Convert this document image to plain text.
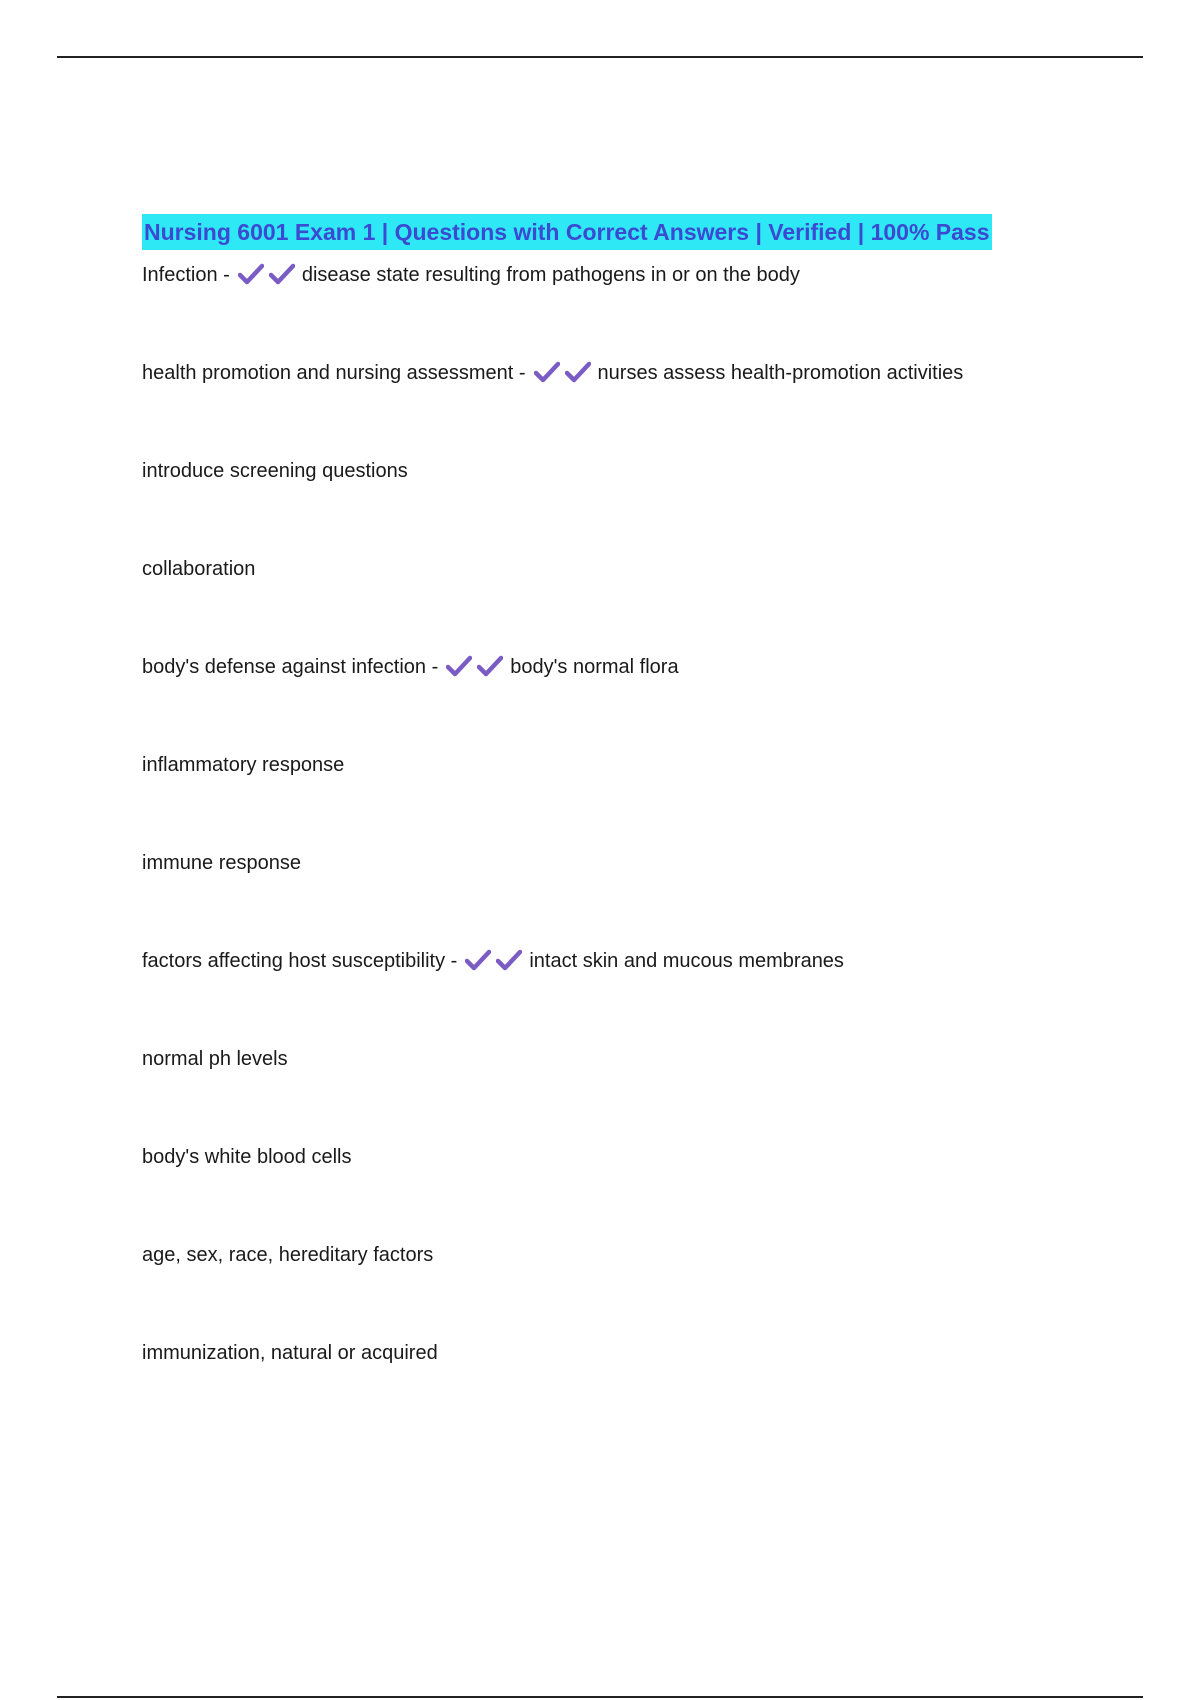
Nursing 6001 Exam 1 | Questions with Correct Answers | Verified | 100% Pass
Infection -	disease state resulting from pathogens in or on the body
health promotion and nursing assessment -	nurses assess health-promotion activities
introduce screening questions
collaboration
body's defense against infection -	body's normal flora
inflammatory response
immune response
factors affecting host susceptibility -	intact skin and mucous membranes
normal ph levels
body's white blood cells
age, sex, race, hereditary factors
immunization, natural or acquired
